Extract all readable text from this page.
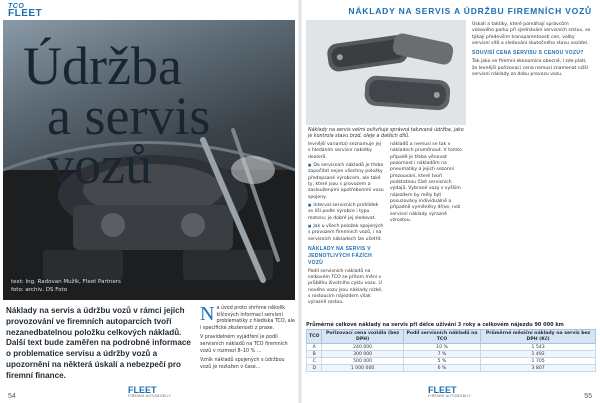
TCO
FLEET
Údržba
a servis vozů
text: Ing. Radovan Mužík, Fleet Partners
foto: archiv, DS Foto
Náklady na servis a údržbu vozů v rámci jejich provozování ve firemních autoparcích tvoří nezanedbatelnou položku celkových nákladů. Další text bude zaměřen na podrobné informace o problematice servisu a údržby vozů a upozornění na některá úskalí a nebezpečí pro firemní finance.

Na úvod proto shrňme několik klíčových informací servisní problematiky z hlediska TCO, ale i specifické zkušenosti z praxe.

V pravidelném vyjádření je podíl servisních nákladů na TCO firemních vozů v rozmezí 8–10 % ...

Vznik nákladů spojených s údržbou vozů je rozložen v čase...

54
FLEET
FIREMNÍ AUTOMOBILY
NÁKLADY NA SERVIS A ÚDRŽBU FIREMNÍCH VOZŮ
Náklady na servis velmi ovlivňuje správná takzvaná údržba, jako je kontrola stavu brzd, oleje a dalších dílů.

levnější varianta) seznamuje jej s hledáním servisní nabídky dealerů.

■ Do servisních nákladů je třeba započítat nejen všechny položky předepsané výrobcem, ale také ty, které jsou s provozem a zaslouženými opotřebeními vozu spojeny.

■ Interval servisních prohlídek se liší podle výrobce i typu motoru; je dobré jej sledovat.

■ Jak u všech položek spojených s provozem firemních vozů, i na servisních nákladech lze ušetřit.

NÁKLADY NA SERVIS V JEDNOTLIVÝCH FÁZÍCH VOZŮ

Podíl servisních nákladů na celkovém TCO se přitom mění v průběhu životního cyklu vozu. U nového vozu jsou náklady nízké, s rostoucím nájezdem však výrazně rostou.

nákladů a nemusí se tak v nákladech promítnout. V tomto případě je třeba věnovat pozornost i nákladům na pneumatiky a jejich sezonní přezouvání, které tvoří podstatnou část servisních výdajů. Vybrané vozy s vyšším nájezdem by měly být posuzovány individuálně a případně vyměněny dříve, než servisní náklady výrazně vzrostou.

Úskalí a taktiky, které pomáhají správcům vozového parku při sjednávání servisních smluv, se týkají především transparentnosti cen, volby servisní sítě a sledování skutečného stavu vozidel.

SOUVISÍ CENA SERVISU S CENOU VOZU?

Tak jako ve firemní ekonomice obecně, i zde platí, že levnější pořizovací cena nemusí znamenat nižší servisní náklady za dobu provozu vozu.

Průměrné celkové náklady na servis při délce užívání 3 roky a celkovém nájezdu 90 000 km
TCO	Pořizovací cena vozidla (bez DPH)	Podíl servisních nákladů na TCO	Průměrné měsíční náklady na servis bez DPH (Kč)
A	240 000	10 %	1 543
B	300 000	7 %	1 492
C	500 000	5 %	1 705
D	1 000 000	6 %	3 807
FLEET
FIREMNÍ AUTOMOBILY	55
